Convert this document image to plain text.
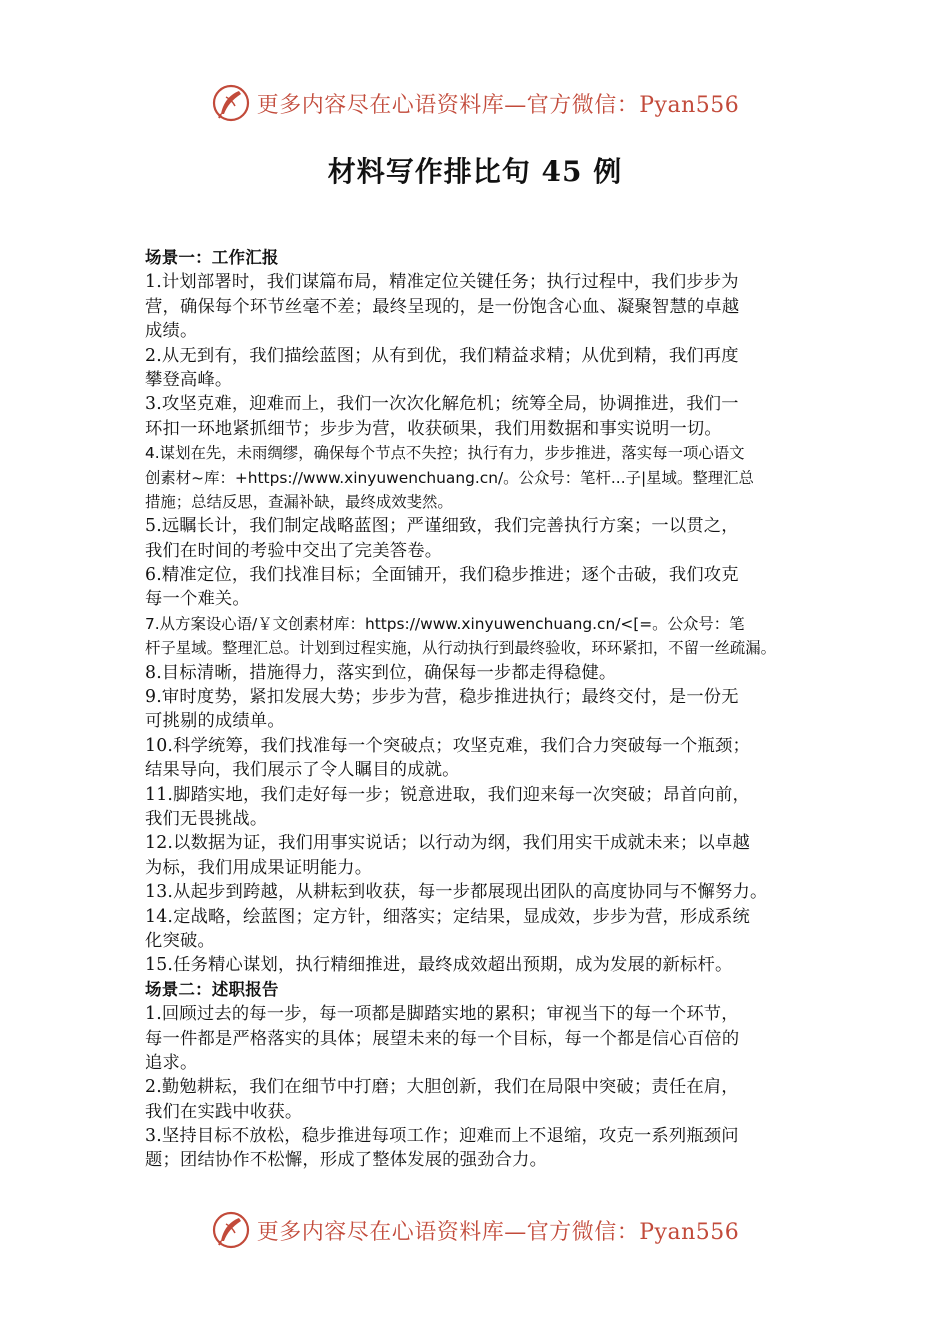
更多内容尽在心语资料库—官方微信：Pyan556
材料写作排比句 45 例
场景一：工作汇报
1.计划部署时，我们谋篇布局，精准定位关键任务；执行过程中，我们步步为
营，确保每个环节丝毫不差；最终呈现的，是一份饱含心血、凝聚智慧的卓越
成绩。
2.从无到有，我们描绘蓝图；从有到优，我们精益求精；从优到精，我们再度
攀登高峰。
3.攻坚克难，迎难而上，我们一次次化解危机；统筹全局，协调推进，我们一
环扣一环地紧抓细节；步步为营，收获硕果，我们用数据和事实说明一切。
4.谋划在先，未雨绸缪，确保每个节点不失控；执行有力，步步推进，落实每一项心语文
创素材~库：+https://www.xinyuwenchuang.cn/。公众号：笔杆...子|星域。整理汇总
措施；总结反思，查漏补缺，最终成效斐然。
5.远瞩长计，我们制定战略蓝图；严谨细致，我们完善执行方案；一以贯之，
我们在时间的考验中交出了完美答卷。
6.精准定位，我们找准目标；全面铺开，我们稳步推进；逐个击破，我们攻克
每一个难关。
7.从方案设心语/￥文创素材库：https://www.xinyuwenchuang.cn/<[=。公众号：笔
杆子星域。整理汇总。计划到过程实施，从行动执行到最终验收，环环紧扣，不留一丝疏漏。
8.目标清晰，措施得力，落实到位，确保每一步都走得稳健。
9.审时度势，紧扣发展大势；步步为营，稳步推进执行；最终交付，是一份无
可挑剔的成绩单。
10.科学统筹，我们找准每一个突破点；攻坚克难，我们合力突破每一个瓶颈；
结果导向，我们展示了令人瞩目的成就。
11.脚踏实地，我们走好每一步；锐意进取，我们迎来每一次突破；昂首向前，
我们无畏挑战。
12.以数据为证，我们用事实说话；以行动为纲，我们用实干成就未来；以卓越
为标，我们用成果证明能力。
13.从起步到跨越，从耕耘到收获，每一步都展现出团队的高度协同与不懈努力。
14.定战略，绘蓝图；定方针，细落实；定结果，显成效，步步为营，形成系统
化突破。
15.任务精心谋划，执行精细推进，最终成效超出预期，成为发展的新标杆。
场景二：述职报告
1.回顾过去的每一步，每一项都是脚踏实地的累积；审视当下的每一个环节，
每一件都是严格落实的具体；展望未来的每一个目标，每一个都是信心百倍的
追求。
2.勤勉耕耘，我们在细节中打磨；大胆创新，我们在局限中突破；责任在肩，
我们在实践中收获。
3.坚持目标不放松，稳步推进每项工作；迎难而上不退缩，攻克一系列瓶颈问
题；团结协作不松懈，形成了整体发展的强劲合力。
更多内容尽在心语资料库—官方微信：Pyan556
